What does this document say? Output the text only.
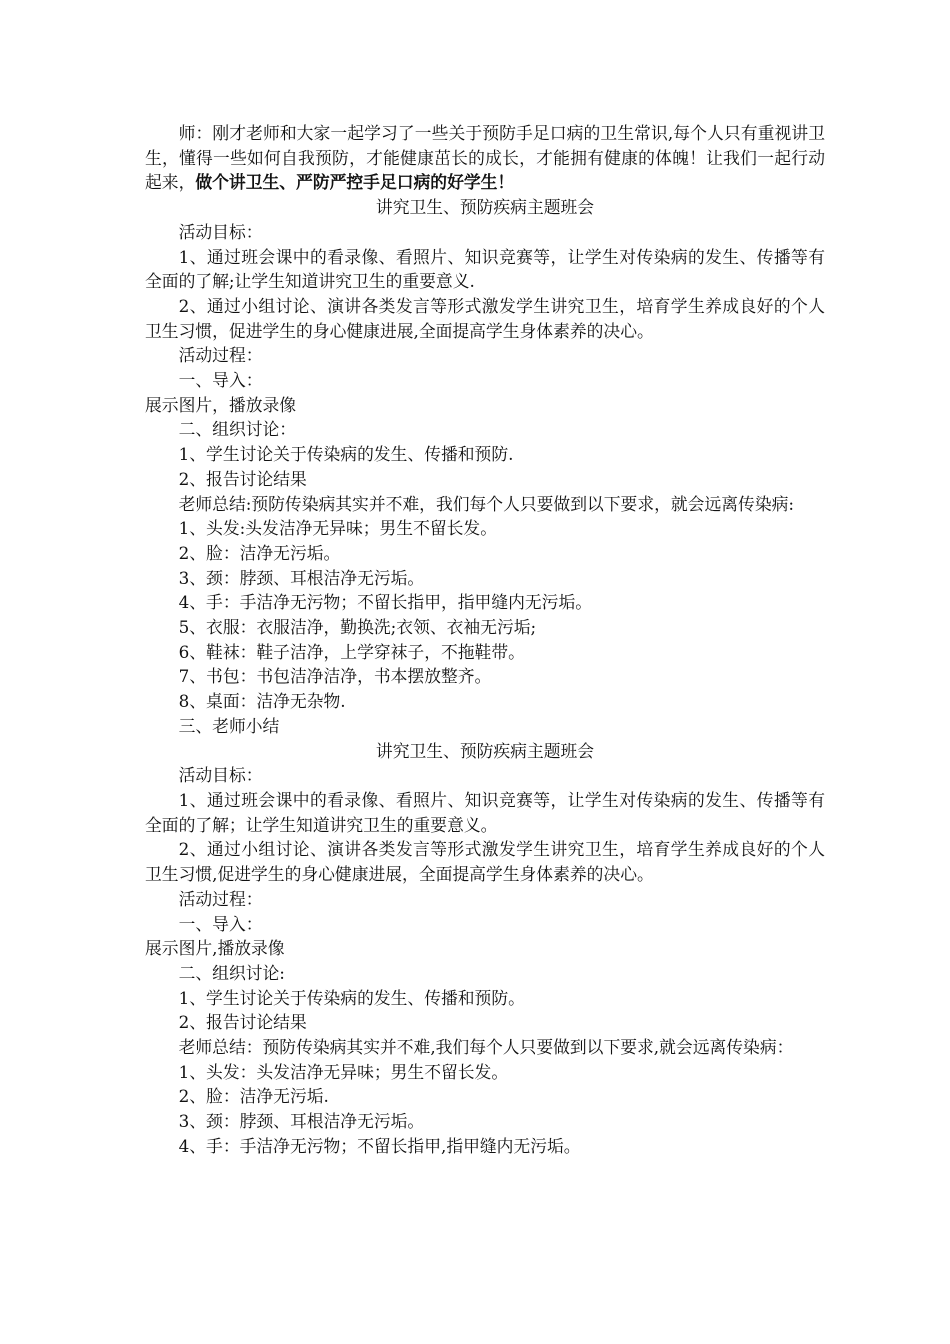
师：刚才老师和大家一起学习了一些关于预防手足口病的卫生常识,每个人只有重视讲卫生，懂得一些如何自我预防，才能健康茁长的成长，才能拥有健康的体魄！让我们一起行动起来，做个讲卫生、严防严控手足口病的好学生！

讲究卫生、预防疾病主题班会

活动目标：

1、通过班会课中的看录像、看照片、知识竞赛等，让学生对传染病的发生、传播等有全面的了解;让学生知道讲究卫生的重要意义.

2、通过小组讨论、演讲各类发言等形式激发学生讲究卫生，培育学生养成良好的个人卫生习惯，促进学生的身心健康进展,全面提高学生身体素养的决心。

活动过程：

一、导入：

展示图片，播放录像

二、组织讨论：

1、学生讨论关于传染病的发生、传播和预防.

2、报告讨论结果

老师总结:预防传染病其实并不难，我们每个人只要做到以下要求，就会远离传染病:

1、头发:头发洁净无异味；男生不留长发。

2、脸：洁净无污垢。

3、颈：脖颈、耳根洁净无污垢。

4、手：手洁净无污物；不留长指甲，指甲缝内无污垢。

5、衣服：衣服洁净，勤换洗;衣领、衣袖无污垢;

6、鞋袜：鞋子洁净，上学穿袜子，不拖鞋带。

7、书包：书包洁净洁净，书本摆放整齐。

8、桌面：洁净无杂物.

三、老师小结

讲究卫生、预防疾病主题班会

活动目标：

1、通过班会课中的看录像、看照片、知识竞赛等，让学生对传染病的发生、传播等有全面的了解；让学生知道讲究卫生的重要意义。

2、通过小组讨论、演讲各类发言等形式激发学生讲究卫生，培育学生养成良好的个人卫生习惯,促进学生的身心健康进展，全面提高学生身体素养的决心。

活动过程：

一、导入：

展示图片,播放录像

二、组织讨论:

1、学生讨论关于传染病的发生、传播和预防。

2、报告讨论结果

老师总结：预防传染病其实并不难,我们每个人只要做到以下要求,就会远离传染病：

1、头发：头发洁净无异味；男生不留长发。

2、脸：洁净无污垢.

3、颈：脖颈、耳根洁净无污垢。

4、手：手洁净无污物；不留长指甲,指甲缝内无污垢。
